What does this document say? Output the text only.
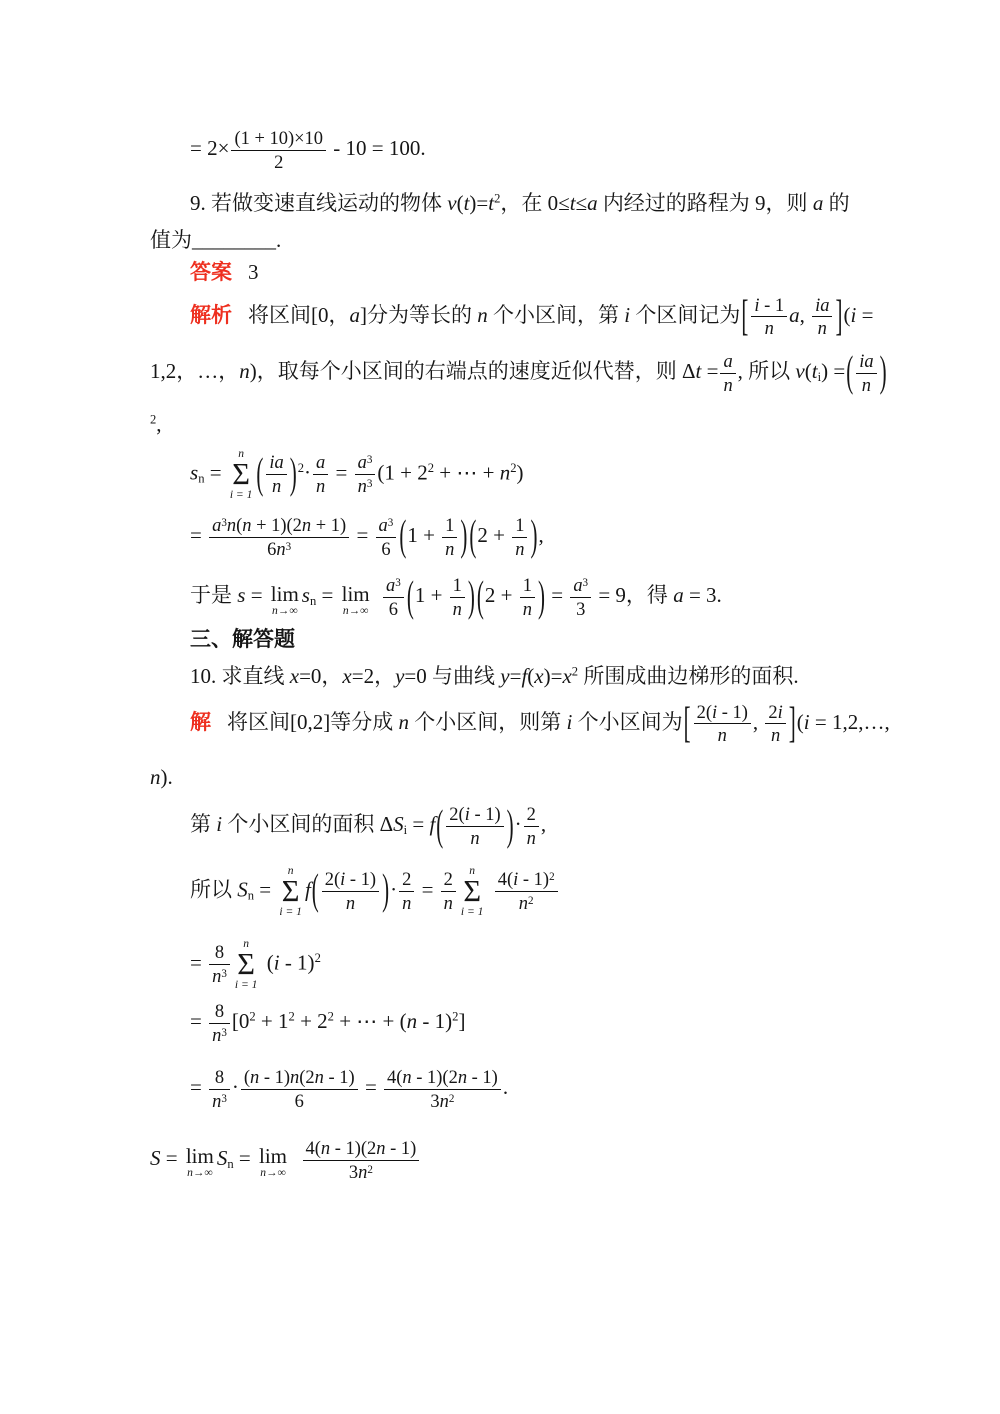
= $2\times \frac{(1 + 10)\times 10}{2} - 10 = 100$.
9. 若做变速直线运动的物体 $v(t)=t^2$，在 0≤t≤a 内经过的路程为 9，则 a 的
值为________.
答案 3
解析 将区间[0，a]分为等长的 n 个小区间，第 i 个区间记为[ $\frac{i - 1}{n} a$, $\frac{ia}{n} ](i$ =
1,2，…，n)，取每个小区间的右端点的速度近似代替，则 $\Delta t = \frac{a}{n}$ , 所以 $v(t_i)$ =( $\frac{ia}{n}$ )
$^2$,
$s_n$ =
n
Σ
i = 1 ( $\frac{ia}{n} )^2\cdot \frac{a}{n} = \frac{a^3}{n^3} (1 + 2^2$ + ⋯ + $n^2$)
= $\frac{a^3n(n + 1)(2n + 1)}{6n^3} = \frac{a^3}{6} (1 + \frac{1}{n} )(2 + \frac{1}{n}$ ),
于是 s = lim
n→∞
$s_n = \lim$
$n\to\infty \frac{a^3}{6} (1 + \frac{1}{n} )(2 + \frac{1}{n}$ ) = $\frac{a^3}{3} = 9$，得 a = 3.
三、解答题
10. 求直线 x=0，x=2，y=0 与曲线 $y=f(x)=x^2$ 所围成曲边梯形的面积.
解 将区间[0,2]等分成 n 个小区间，则第 i 个小区间为[ $\frac{2(i - 1)}{n}$ , $\frac{2i}{n} ](i$ = 1,2,…,
n).
第 i 个小区间的面积 $\Delta S_i = f( \frac{2(i - 1)}{n}$ )· $\frac{2}{n}$ ,
所以 $S_n$ =
n
Σ
i = 1
$f( \frac{2(i - 1)}{n}$ )· $\frac{2}{n} = \frac{2}{n}$	n
Σ
$i = 1 \frac{4(i - 1)^2}{n^2}$
= $\frac{8}{n^3}$	n
Σ
i = 1
(i - 1)$^2$
= $\frac{8}{n^3} [0^2 + 1^2 + 2^2$ + ⋯ + (n - 1)$^2$]
= $\frac{8}{n^3} \cdot \frac{(n - 1)n(2n - 1)}{6} = \frac{4(n - 1)(2n - 1)}{3n^2}$ .
S = lim
n→∞
$S_n = \lim$
$n\to\infty \frac{4(n - 1)(2n - 1)}{3n^2}$
